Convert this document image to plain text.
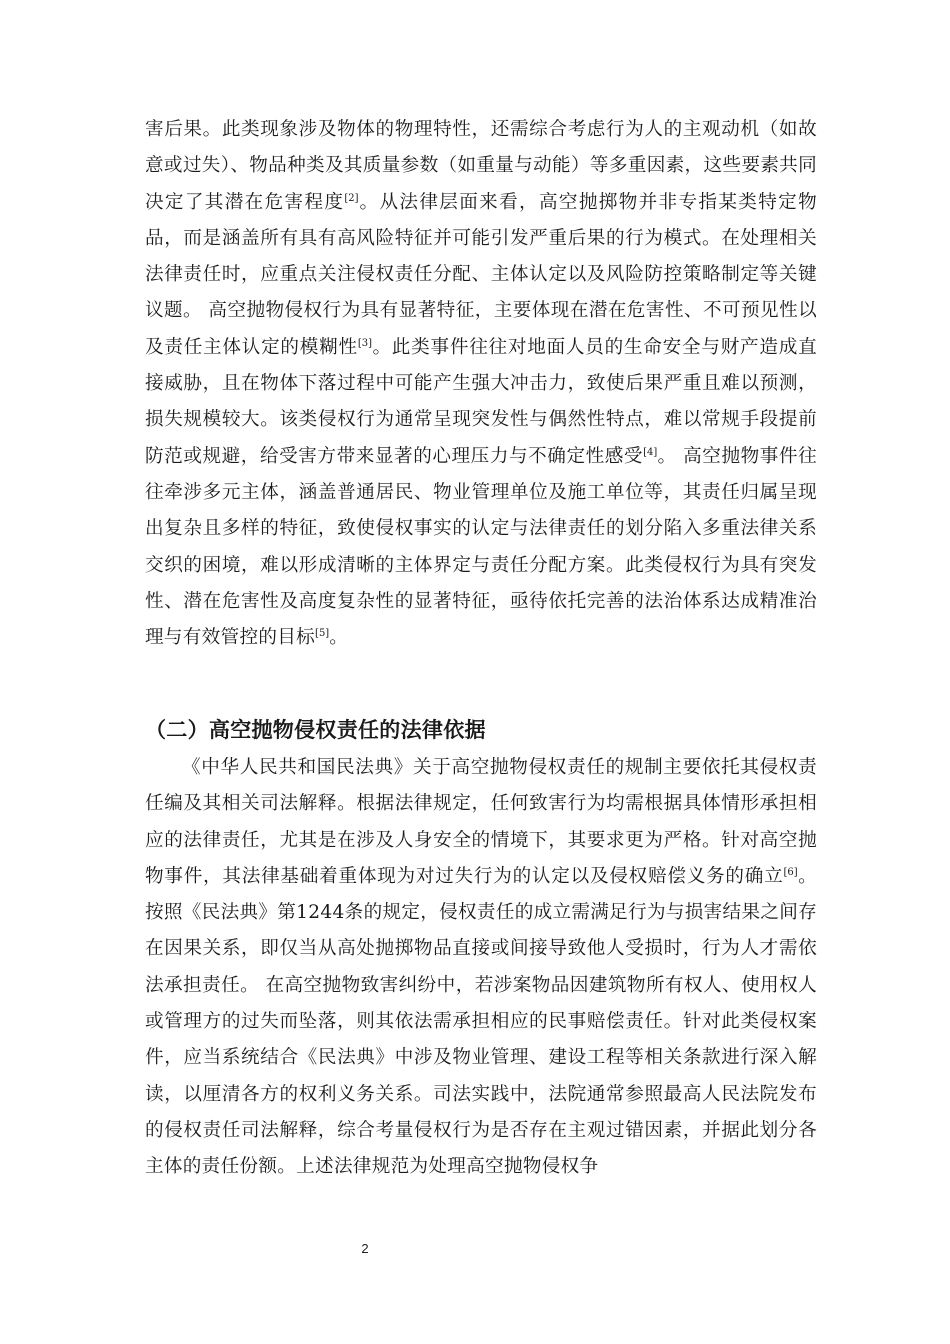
害后果。此类现象涉及物体的物理特性，还需综合考虑行为人的主观动机（如故意或过失）、物品种类及其质量参数（如重量与动能）等多重因素，这些要素共同决定了其潜在危害程度[2]。从法律层面来看，高空抛掷物并非专指某类特定物品，而是涵盖所有具有高风险特征并可能引发严重后果的行为模式。在处理相关法律责任时，应重点关注侵权责任分配、主体认定以及风险防控策略制定等关键议题。 高空抛物侵权行为具有显著特征，主要体现在潜在危害性、不可预见性以及责任主体认定的模糊性[3]。此类事件往往对地面人员的生命安全与财产造成直接威胁，且在物体下落过程中可能产生强大冲击力，致使后果严重且难以预测，损失规模较大。该类侵权行为通常呈现突发性与偶然性特点，难以常规手段提前防范或规避，给受害方带来显著的心理压力与不确定性感受[4]。 高空抛物事件往往牵涉多元主体，涵盖普通居民、物业管理单位及施工单位等，其责任归属呈现出复杂且多样的特征，致使侵权事实的认定与法律责任的划分陷入多重法律关系交织的困境，难以形成清晰的主体界定与责任分配方案。此类侵权行为具有突发性、潜在危害性及高度复杂性的显著特征，亟待依托完善的法治体系达成精准治理与有效管控的目标[5]。

（二）高空抛物侵权责任的法律依据

《中华人民共和国民法典》关于高空抛物侵权责任的规制主要依托其侵权责任编及其相关司法解释。根据法律规定，任何致害行为均需根据具体情形承担相应的法律责任，尤其是在涉及人身安全的情境下，其要求更为严格。针对高空抛物事件，其法律基础着重体现为对过失行为的认定以及侵权赔偿义务的确立[6]。按照《民法典》第1244条的规定，侵权责任的成立需满足行为与损害结果之间存在因果关系，即仅当从高处抛掷物品直接或间接导致他人受损时，行为人才需依法承担责任。 在高空抛物致害纠纷中，若涉案物品因建筑物所有权人、使用权人或管理方的过失而坠落，则其依法需承担相应的民事赔偿责任。针对此类侵权案件，应当系统结合《民法典》中涉及物业管理、建设工程等相关条款进行深入解读，以厘清各方的权利义务关系。司法实践中，法院通常参照最高人民法院发布的侵权责任司法解释，综合考量侵权行为是否存在主观过错因素，并据此划分各主体的责任份额。上述法律规范为处理高空抛物侵权争

2
